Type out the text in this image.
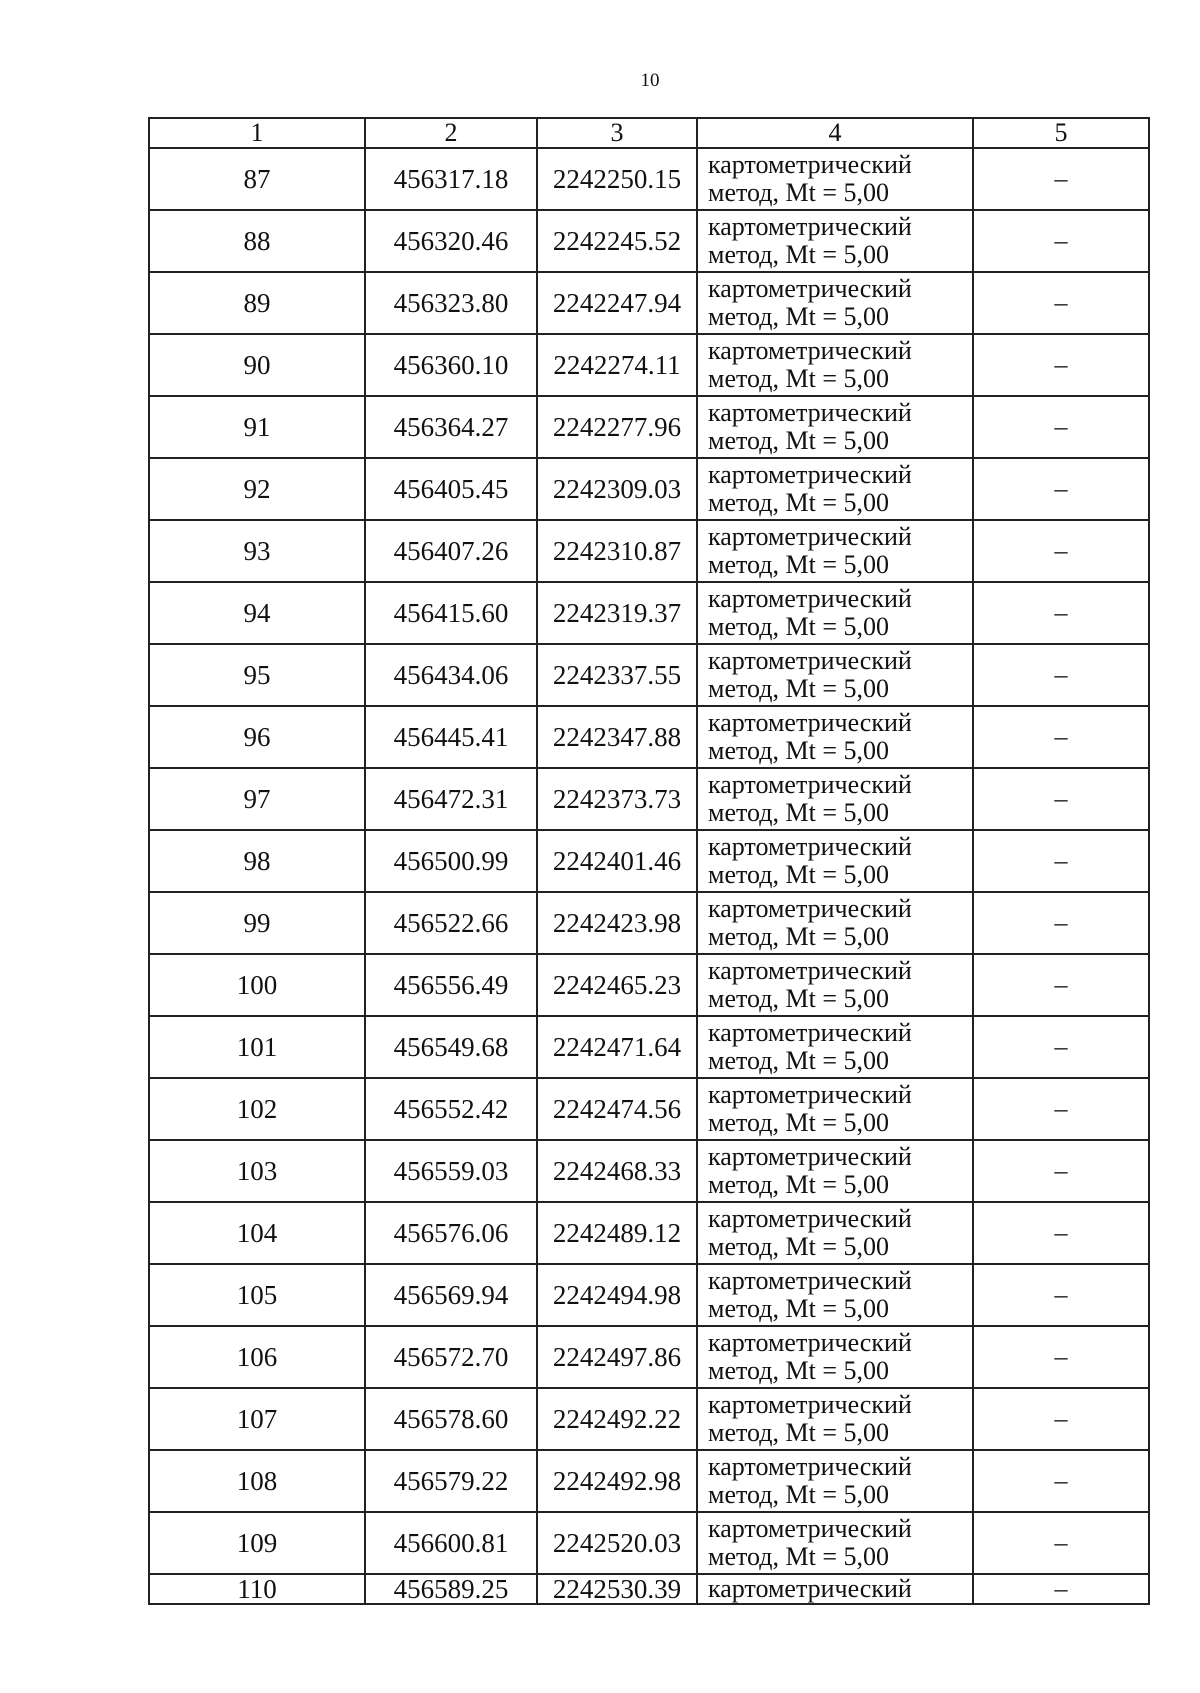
10
1	2	3	4	5
87	456317.18	2242250.15	картометрический
метод, Mt = 5,00	–
88	456320.46	2242245.52	картометрический
метод, Mt = 5,00	–
89	456323.80	2242247.94	картометрический
метод, Mt = 5,00	–
90	456360.10	2242274.11	картометрический
метод, Mt = 5,00	–
91	456364.27	2242277.96	картометрический
метод, Mt = 5,00	–
92	456405.45	2242309.03	картометрический
метод, Mt = 5,00	–
93	456407.26	2242310.87	картометрический
метод, Mt = 5,00	–
94	456415.60	2242319.37	картометрический
метод, Mt = 5,00	–
95	456434.06	2242337.55	картометрический
метод, Mt = 5,00	–
96	456445.41	2242347.88	картометрический
метод, Mt = 5,00	–
97	456472.31	2242373.73	картометрический
метод, Mt = 5,00	–
98	456500.99	2242401.46	картометрический
метод, Mt = 5,00	–
99	456522.66	2242423.98	картометрический
метод, Mt = 5,00	–
100	456556.49	2242465.23	картометрический
метод, Mt = 5,00	–
101	456549.68	2242471.64	картометрический
метод, Mt = 5,00	–
102	456552.42	2242474.56	картометрический
метод, Mt = 5,00	–
103	456559.03	2242468.33	картометрический
метод, Mt = 5,00	–
104	456576.06	2242489.12	картометрический
метод, Mt = 5,00	–
105	456569.94	2242494.98	картометрический
метод, Mt = 5,00	–
106	456572.70	2242497.86	картометрический
метод, Mt = 5,00	–
107	456578.60	2242492.22	картометрический
метод, Mt = 5,00	–
108	456579.22	2242492.98	картометрический
метод, Mt = 5,00	–
109	456600.81	2242520.03	картометрический
метод, Mt = 5,00	–
110	456589.25	2242530.39	картометрический	–
